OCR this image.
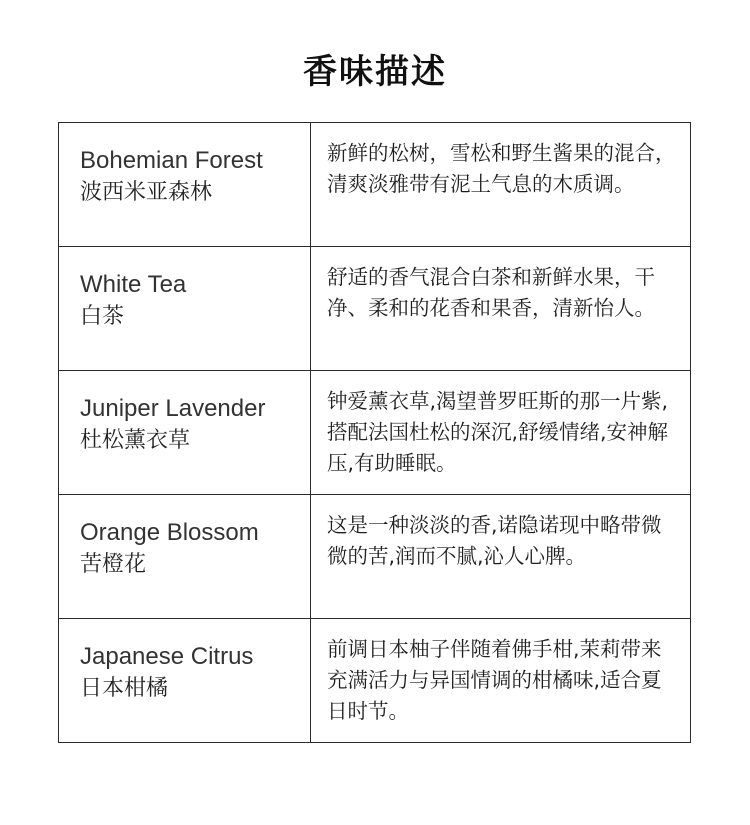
香味描述
Bohemian Forest
波西米亚森林	新鲜的松树，雪松和野生酱果的混合，清爽淡雅带有泥土气息的木质调。

White Tea
白茶	舒适的香气混合白茶和新鲜水果，干净、柔和的花香和果香，清新怡人。

Juniper Lavender
杜松薰衣草	钟爱薰衣草,渴望普罗旺斯的那一片紫,搭配法国杜松的深沉,舒缓情绪,安神解压,有助睡眠。

Orange Blossom
苦橙花	这是一种淡淡的香,诺隐诺现中略带微微的苦,润而不腻,沁人心脾。

Japanese Citrus
日本柑橘	前调日本柚子伴随着佛手柑,茉莉带来充满活力与异国情调的柑橘味,适合夏日时节。
